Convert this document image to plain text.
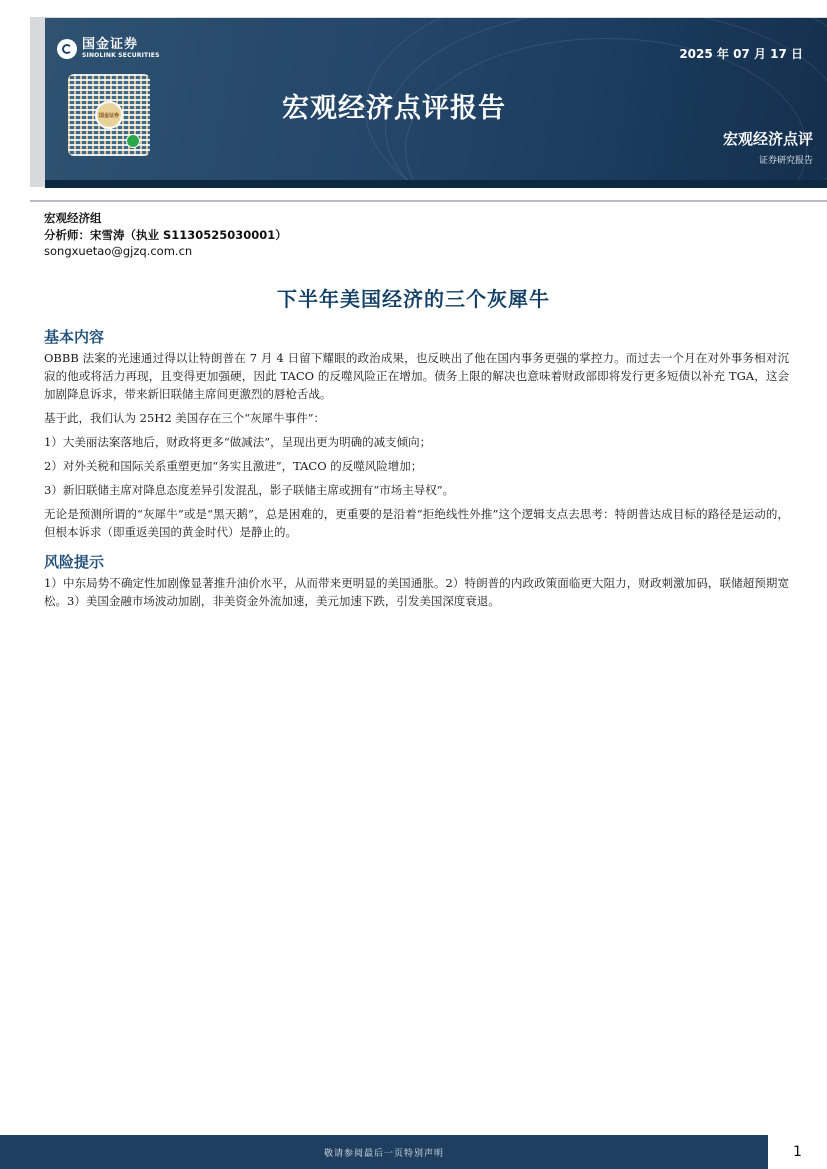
国金证券
SINOLINK SECURITIES
国金证券	宏观经济点评报告
2025 年 07 月 17 日
宏观经济点评
证券研究报告
宏观经济组
分析师：宋雪涛（执业 S1130525030001）
songxuetao@gjzq.com.cn
下半年美国经济的三个灰犀牛
基本内容

OBBB 法案的光速通过得以让特朗普在 7 月 4 日留下耀眼的政治成果，也反映出了他在国内事务更强的掌控力。而过去一个月在对外事务相对沉寂的他或将活力再现，且变得更加强硬，因此 TACO 的反噬风险正在增加。债务上限的解决也意味着财政部即将发行更多短债以补充 TGA，这会加剧降息诉求，带来新旧联储主席间更激烈的唇枪舌战。

基于此，我们认为 25H2 美国存在三个“灰犀牛事件”：

1）大美丽法案落地后，财政将更多“做减法”，呈现出更为明确的减支倾向；

2）对外关税和国际关系重塑更加“务实且激进”，TACO 的反噬风险增加；

3）新旧联储主席对降息态度差异引发混乱，影子联储主席或拥有“市场主导权”。

无论是预测所谓的“灰犀牛”或是“黑天鹅”，总是困难的，更重要的是沿着“拒绝线性外推”这个逻辑支点去思考：特朗普达成目标的路径是运动的，但根本诉求（即重返美国的黄金时代）是静止的。

风险提示

1）中东局势不确定性加剧像显著推升油价水平，从而带来更明显的美国通胀。2）特朗普的内政政策面临更大阻力，财政刺激加码，联储超预期宽松。3）美国金融市场波动加剧，非美资金外流加速，美元加速下跌，引发美国深度衰退。

敬请参阅最后一页特别声明	1
